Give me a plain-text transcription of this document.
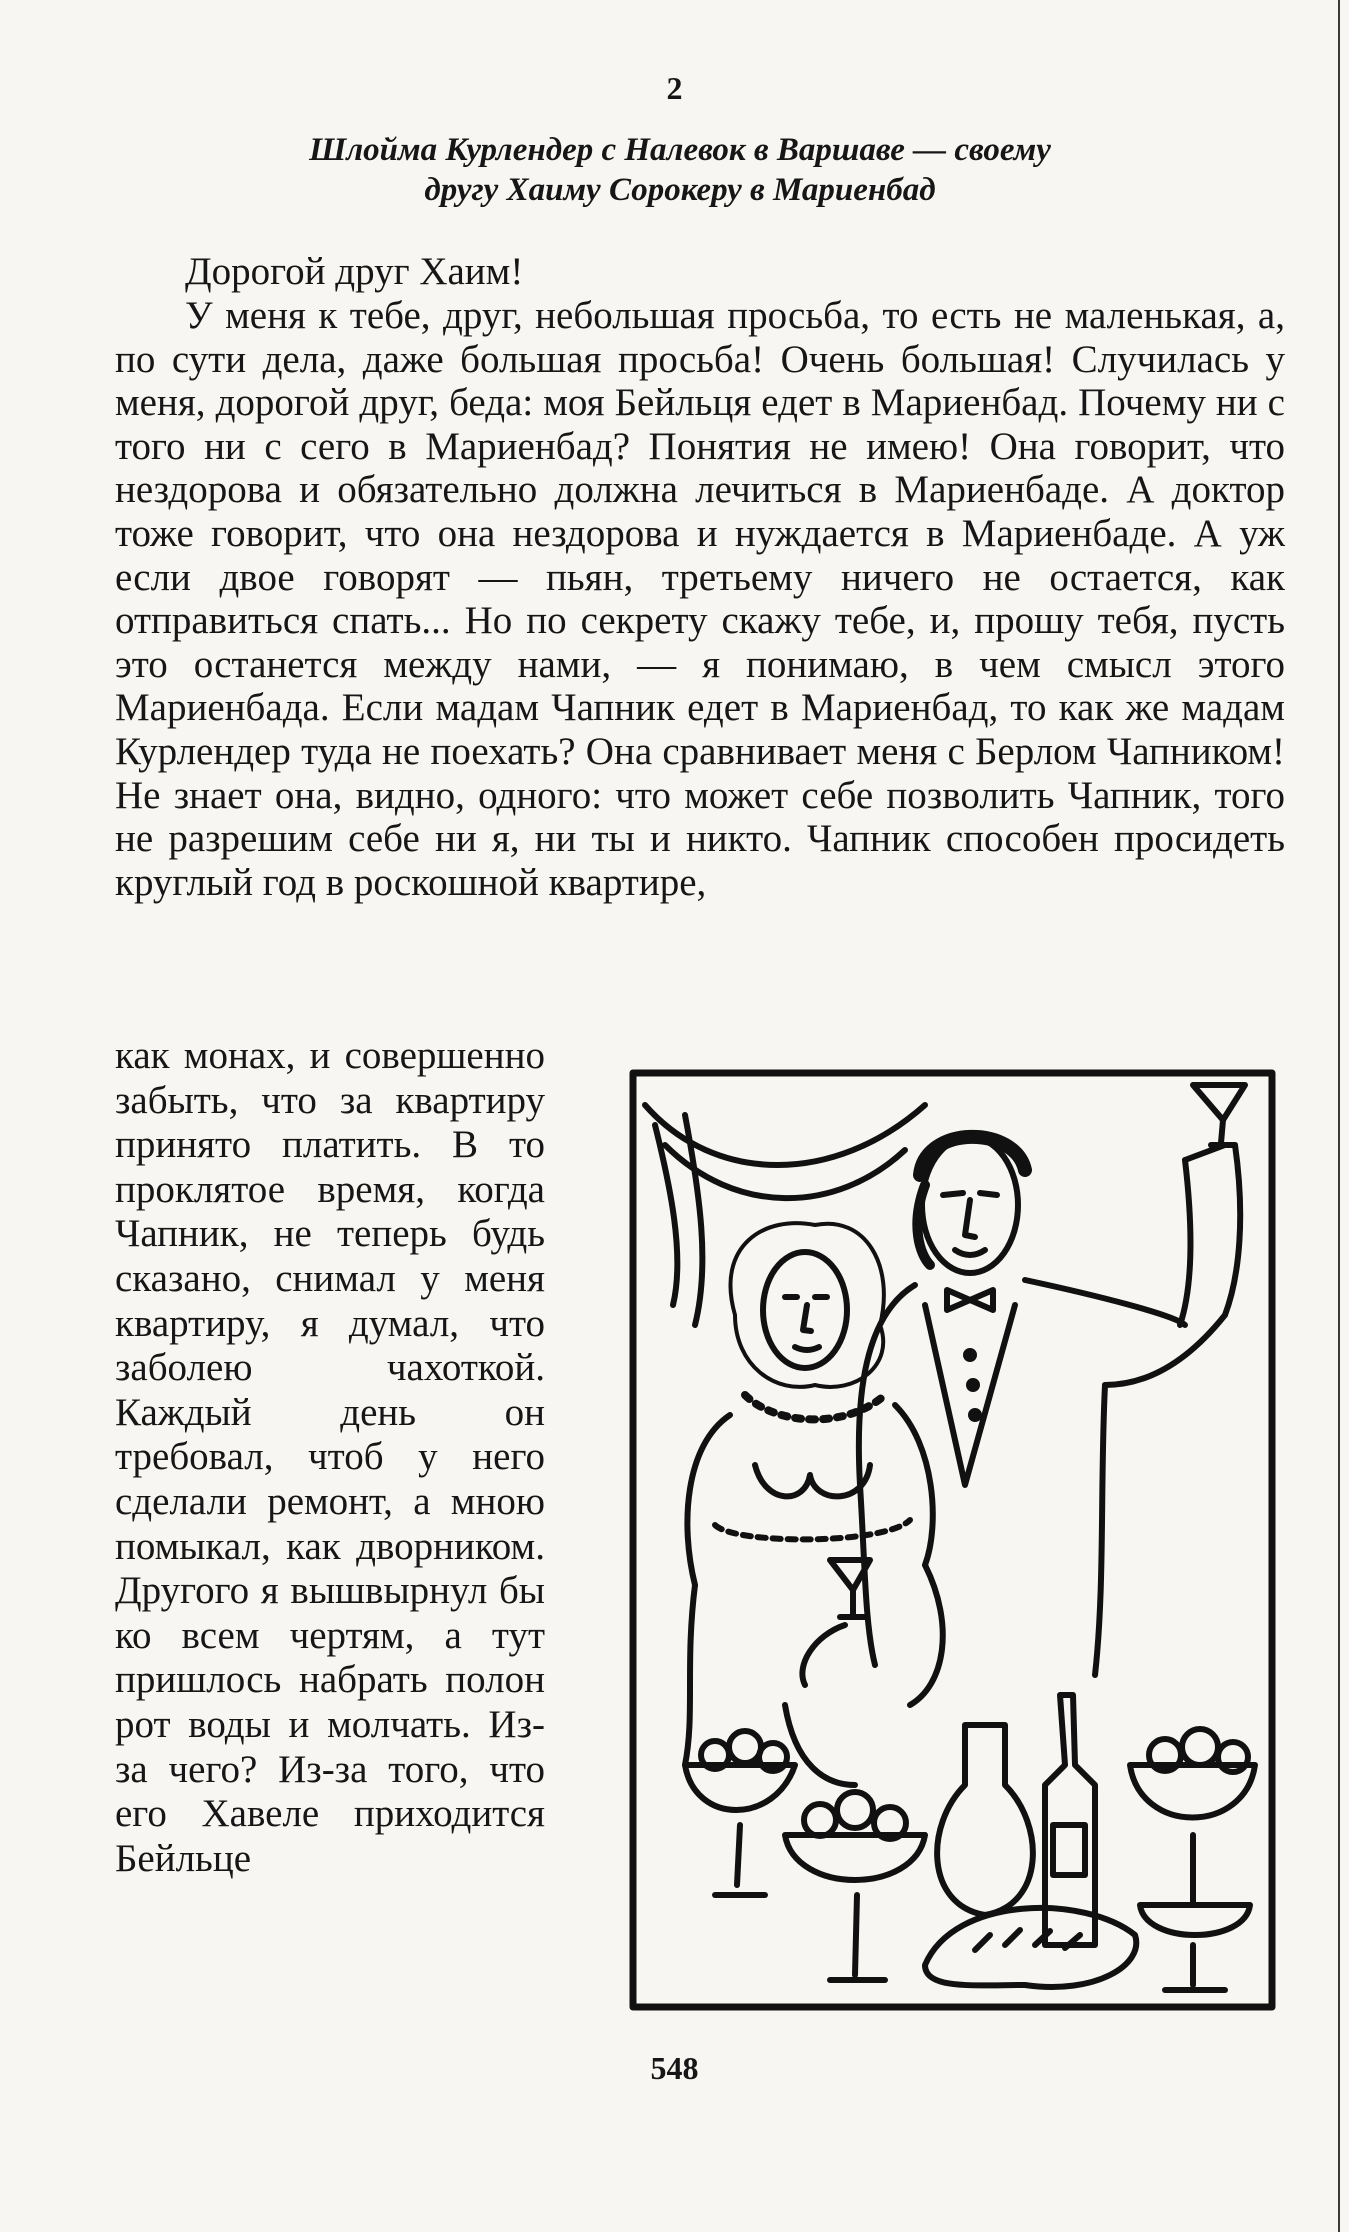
2
Шлойма Курлендер с Налевок в Варшаве — своему
другу Хаиму Сорокеру в Мариенбад
Дорогой друг Хаим!

У меня к тебе, друг, небольшая просьба, то есть не маленькая, а, по сути дела, даже большая просьба! Очень большая! Случилась у меня, дорогой друг, беда: моя Бейльця едет в Мариенбад. Почему ни с того ни с сего в Мариенбад? Понятия не имею! Она говорит, что нездорова и обязательно должна лечиться в Мариенбаде. А доктор тоже говорит, что она нездорова и нуждается в Мариенбаде. А уж если двое говорят — пьян, третьему ничего не остается, как отправиться спать... Но по секрету скажу тебе, и, прошу тебя, пусть это останется между нами, — я понимаю, в чем смысл этого Мариенбада. Если мадам Чапник едет в Мариенбад, то как же мадам Курлендер туда не поехать? Она сравнивает меня с Берлом Чапником! Не знает она, видно, одного: что может себе позволить Чапник, того не разрешим себе ни я, ни ты и никто. Чапник способен просидеть круглый год в роскошной квартире,

как монах, и совершенно забыть, что за квартиру принято платить. В то проклятое время, когда Чапник, не теперь будь сказано, снимал у меня квартиру, я думал, что заболею чахоткой. Каждый день он требовал, чтоб у него сделали ремонт, а мною помыкал, как дворником. Другого я вышвырнул бы ко всем чертям, а тут пришлось набрать полон рот воды и молчать. Из-за чего? Из-за того, что его Хавеле приходится Бейльце

548
